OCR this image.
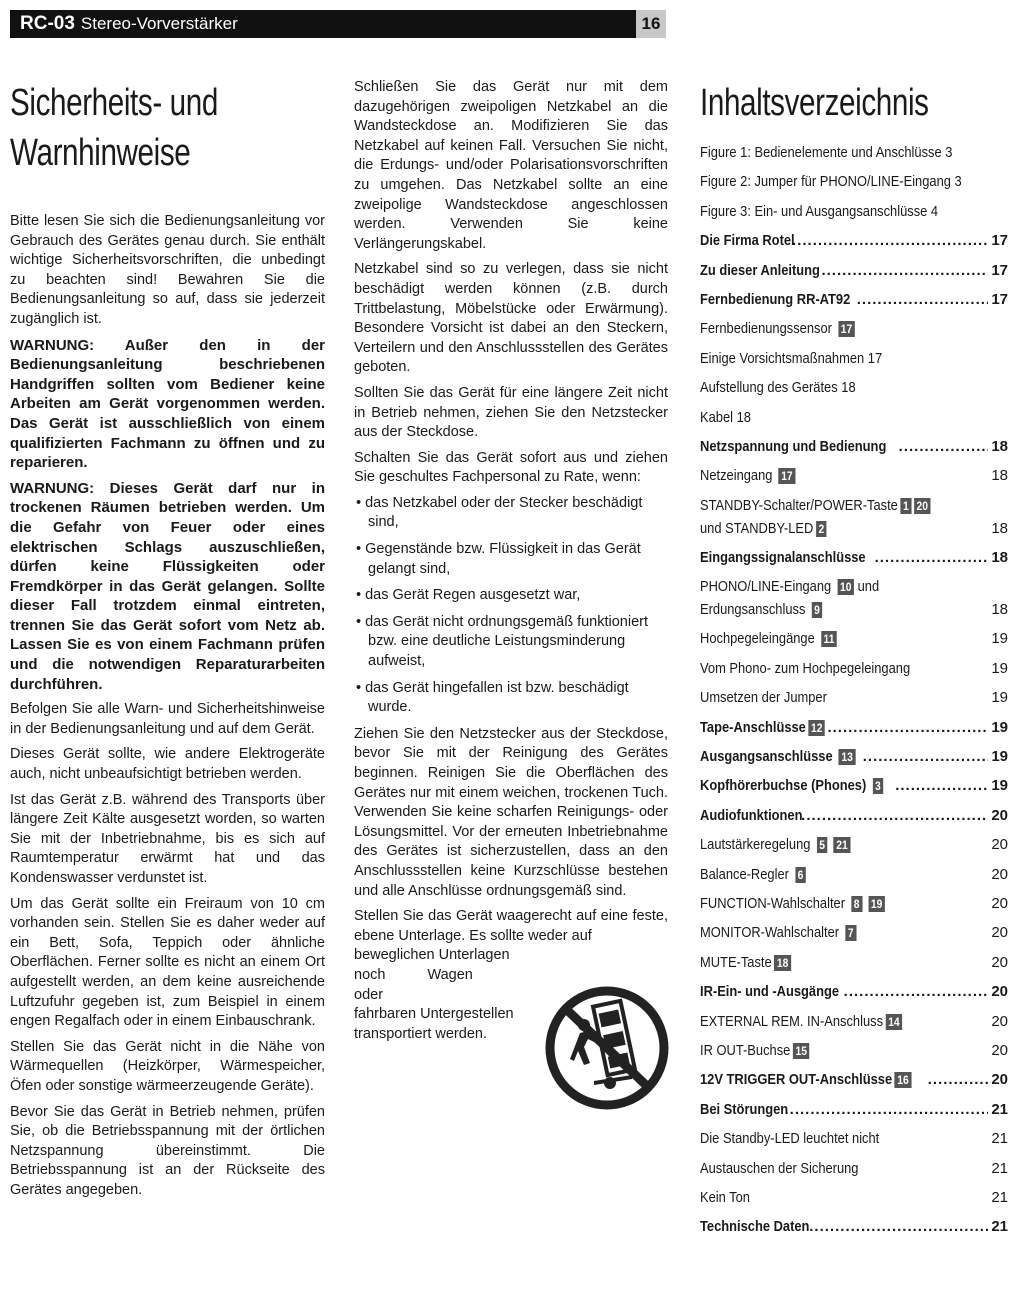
RC-03 Stereo-Vorverstärker	16
Sicherheits- und
Warnhinweise

Bitte lesen Sie sich die Bedienungsanleitung vor Gebrauch des Gerätes genau durch. Sie enthält wichtige Sicherheitsvorschriften, die unbedingt zu beachten sind! Bewahren Sie die Bedienungsanleitung so auf, dass sie jederzeit zugänglich ist.

WARNUNG: Außer den in der Bedienungsanleitung beschriebenen Handgriffen sollten vom Bediener keine Arbeiten am Gerät vorgenommen werden. Das Gerät ist ausschließlich von einem qualifizierten Fachmann zu öffnen und zu reparieren.

WARNUNG: Dieses Gerät darf nur in trockenen Räumen betrieben werden. Um die Gefahr von Feuer oder eines elektrischen Schlags auszuschließen, dürfen keine Flüssigkeiten oder Fremdkörper in das Gerät gelangen. Sollte dieser Fall trotzdem einmal eintreten, trennen Sie das Gerät sofort vom Netz ab. Lassen Sie es von einem Fachmann prüfen und die notwendigen Reparaturarbeiten durchführen.

Befolgen Sie alle Warn- und Sicherheitshinweise in der Bedienungsanleitung und auf dem Gerät.

Dieses Gerät sollte, wie andere Elektrogeräte auch, nicht unbeaufsichtigt betrieben werden.

Ist das Gerät z.B. während des Transports über längere Zeit Kälte ausgesetzt worden, so warten Sie mit der Inbetriebnahme, bis es sich auf Raumtemperatur erwärmt hat und das Kondenswasser verdunstet ist.

Um das Gerät sollte ein Freiraum von 10 cm vorhanden sein. Stellen Sie es daher weder auf ein Bett, Sofa, Teppich oder ähnliche Oberflächen. Ferner sollte es nicht an einem Ort aufgestellt werden, an dem keine ausreichende Luftzufuhr gegeben ist, zum Beispiel in einem engen Regalfach oder in einem Einbauschrank.

Stellen Sie das Gerät nicht in die Nähe von Wärmequellen (Heizkörper, Wärmespeicher, Öfen oder sonstige wärmeerzeugende Geräte).

Bevor Sie das Gerät in Betrieb nehmen, prüfen Sie, ob die Betriebsspannung mit der örtlichen Netzspannung übereinstimmt. Die Betriebsspannung ist an der Rückseite des Gerätes angegeben.

Schließen Sie das Gerät nur mit dem dazugehörigen zweipoligen Netzkabel an die Wandsteckdose an. Modifizieren Sie das Netzkabel auf keinen Fall. Versuchen Sie nicht, die Erdungs- und/oder Polarisationsvorschriften zu umgehen. Das Netzkabel sollte an eine zweipolige Wandsteckdose angeschlossen werden. Verwenden Sie keine Verlängerungskabel.

Netzkabel sind so zu verlegen, dass sie nicht beschädigt werden können (z.B. durch Trittbelastung, Möbelstücke oder Erwärmung). Besondere Vorsicht ist dabei an den Steckern, Verteilern und den Anschlussstellen des Gerätes geboten.

Sollten Sie das Gerät für eine längere Zeit nicht in Betrieb nehmen, ziehen Sie den Netzstecker aus der Steckdose.

Schalten Sie das Gerät sofort aus und ziehen Sie geschultes Fachpersonal zu Rate, wenn:

• das Netzkabel oder der Stecker beschädigt sind,
• Gegenstände bzw. Flüssigkeit in das Gerät gelangt sind,
• das Gerät Regen ausgesetzt war,
• das Gerät nicht ordnungsgemäß funktioniert bzw. eine deutliche Leistungsminderung aufweist,
• das Gerät hingefallen ist bzw. beschädigt wurde.

Ziehen Sie den Netzstecker aus der Steckdose, bevor Sie mit der Reinigung des Gerätes beginnen. Reinigen Sie die Oberflächen des Gerätes nur mit einem weichen, trockenen Tuch. Verwenden Sie keine scharfen Reinigungs- oder Lösungsmittel. Vor der erneuten Inbetriebnahme des Gerätes ist sicherzustellen, dass an den Anschlussstellen keine Kurzschlüsse bestehen und alle Anschlüsse ordnungsgemäß sind.

Stellen Sie das Gerät waagerecht auf eine feste, ebene Unterlage. Es sollte weder auf

beweglichen Unterlagen

noch Wagen oder

fahrbaren Untergestellen

transportiert werden.

Inhaltsverzeichnis
Figure 1: Bedienelemente und Anschlüsse 3
Figure 2: Jumper für PHONO/LINE-Eingang 3
Figure 3: Ein- und Ausgangsanschlüsse 4
Die Firma Rotel .....	17
Zu dieser Anleitung .....	17
Fernbedienung RR-AT92 .....	17
Fernbedienungssensor 17
Einige Vorsichtsmaßnahmen 17
Aufstellung des Gerätes 18
Kabel 18
Netzspannung und Bedienung .....	18
Netzeingang 17	18
STANDBY-Schalter/POWER-Taste 1 20
und STANDBY-LED 2	18
Eingangssignalanschlüsse .....	18
PHONO/LINE-Eingang 10 und
Erdungsanschluss 9	18
Hochpegeleingänge 11	19
Vom Phono- zum Hochpegeleingang	19
Umsetzen der Jumper	19
Tape-Anschlüsse 12 .....	19
Ausgangsanschlüsse 13 .....	19
Kopfhörerbuchse (Phones) 3 .....	19
Audiofunktionen .....	20
Lautstärkeregelung 5 21	20
Balance-Regler 6	20
FUNCTION-Wahlschalter 8 19	20
MONITOR-Wahlschalter 7	20
MUTE-Taste 18	20
IR-Ein- und -Ausgänge .....	20
EXTERNAL REM. IN-Anschluss 14	20
IR OUT-Buchse 15	20
12V TRIGGER OUT-Anschlüsse 16 .....	20
Bei Störungen .....	21
Die Standby-LED leuchtet nicht	21
Austauschen der Sicherung	21
Kein Ton	21
Technische Daten .....	21
